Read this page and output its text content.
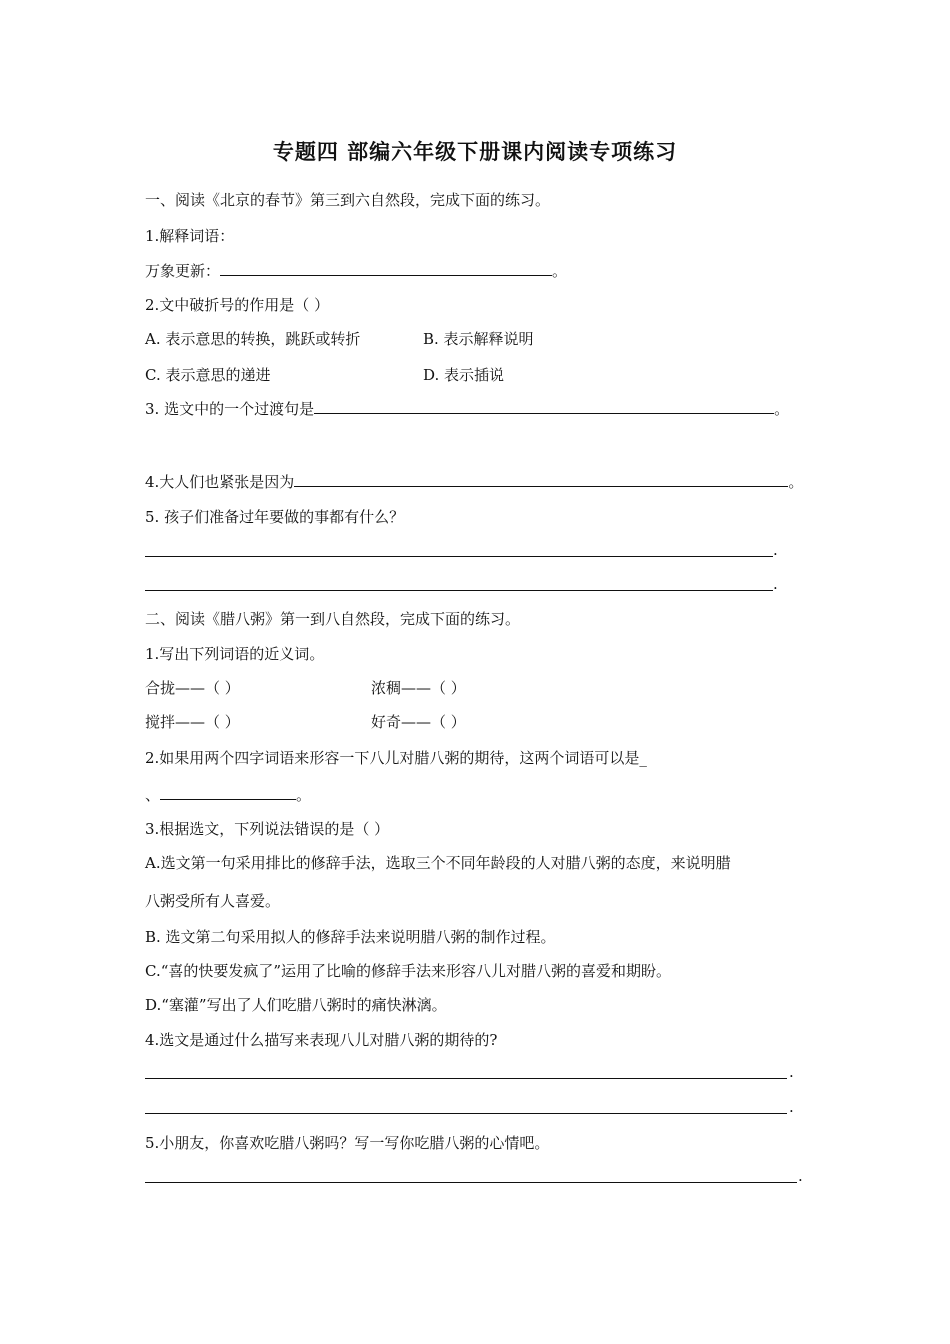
专题四 部编六年级下册课内阅读专项练习
一、阅读《北京的春节》第三到六自然段，完成下面的练习。
1.解释词语：
万象更新：	。
2.文中破折号的作用是（ ）
A. 表示意思的转换，跳跃或转折	B. 表示解释说明
C. 表示意思的递进	D. 表示插说
3. 选文中的一个过渡句是	。
4.大人们也紧张是因为	。
5. 孩子们准备过年要做的事都有什么？
.
.
二、阅读《腊八粥》第一到八自然段，完成下面的练习。
1.写出下列词语的近义词。
合拢——（ ）	浓稠——（ ）
搅拌——（ ）	好奇——（ ）
2.如果用两个四字词语来形容一下八儿对腊八粥的期待，这两个词语可以是_
、	。
3.根据选文，下列说法错误的是（ ）
A.选文第一句采用排比的修辞手法，选取三个不同年龄段的人对腊八粥的态度，来说明腊
八粥受所有人喜爱。
B. 选文第二句采用拟人的修辞手法来说明腊八粥的制作过程。
C.“喜的快要发疯了”运用了比喻的修辞手法来形容八儿对腊八粥的喜爱和期盼。
D.“塞灌”写出了人们吃腊八粥时的痛快淋漓。
4.选文是通过什么描写来表现八儿对腊八粥的期待的?
.
.
5.小朋友，你喜欢吃腊八粥吗？写一写你吃腊八粥的心情吧。
.
